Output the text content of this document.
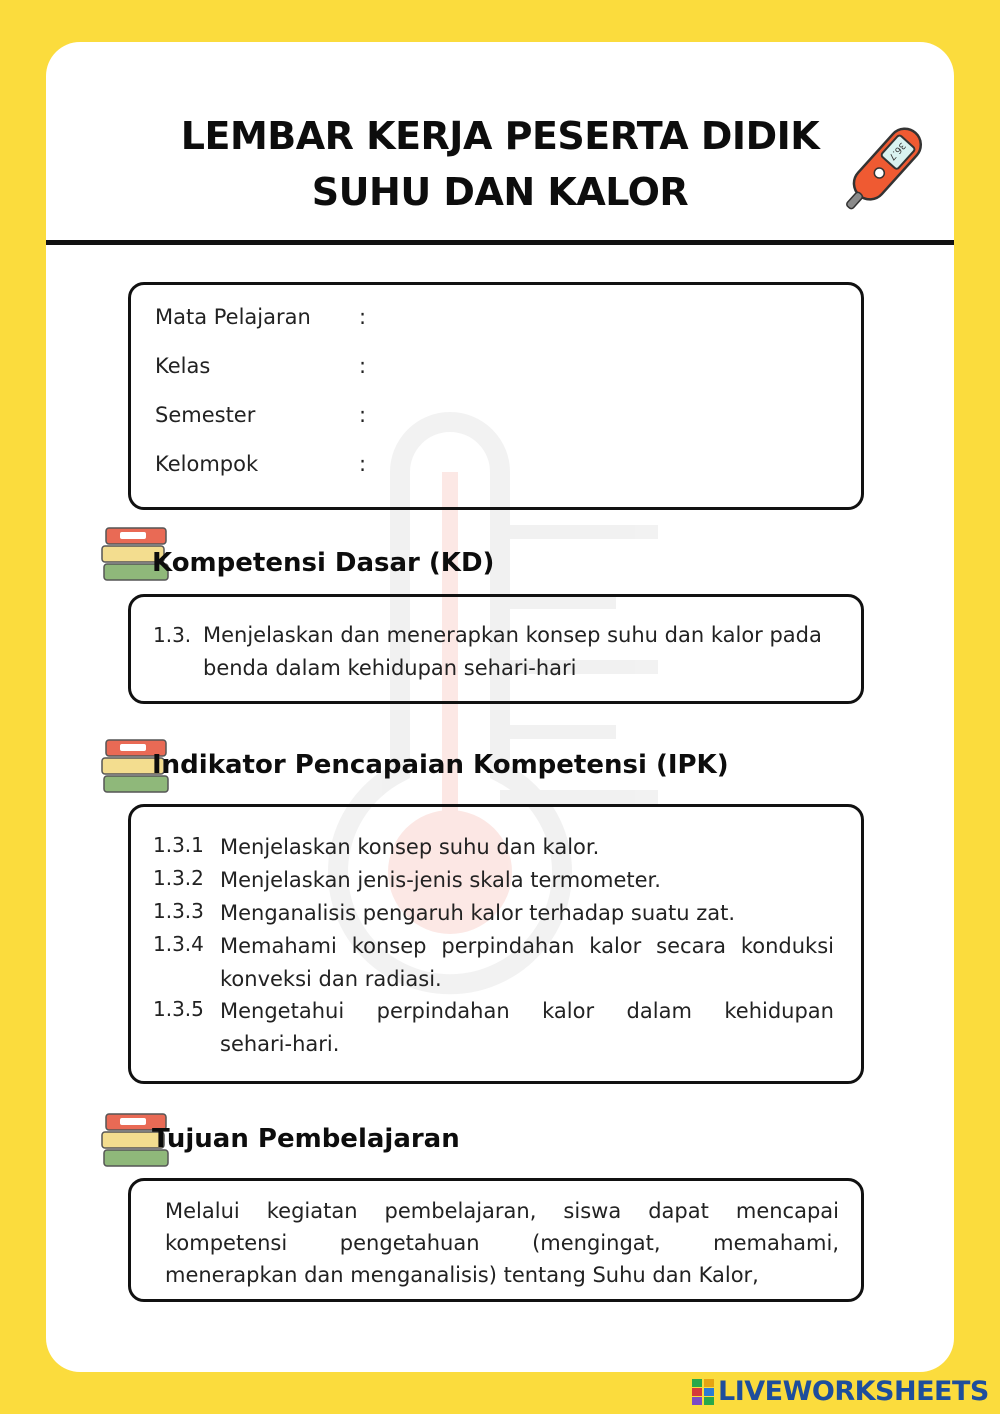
LEMBAR KERJA PESERTA DIDIK
SUHU DAN KALOR
36.7
Mata Pelajaran :
Kelas	:
Semester	:
Kelompok	:
Kompetensi Dasar (KD)
1.3. Menjelaskan dan menerapkan konsep suhu dan kalor pada
benda dalam kehidupan sehari-hari
Indikator Pencapaian Kompetensi (IPK)
1.3.1 Menjelaskan konsep suhu dan kalor.
1.3.2 Menjelaskan jenis-jenis skala termometer.
1.3.3 Menganalisis pengaruh kalor terhadap suatu zat.
1.3.4 Memahami konsep perpindahan kalor secara konduksi
konveksi dan radiasi.
1.3.5 Mengetahui perpindahan kalor dalam kehidupan
sehari-hari.
Tujuan Pembelajaran
Melalui kegiatan pembelajaran, siswa dapat mencapai
kompetensi pengetahuan (mengingat, memahami,
menerapkan dan menganalisis) tentang Suhu dan Kalor,
LIVEWORKSHEETS
